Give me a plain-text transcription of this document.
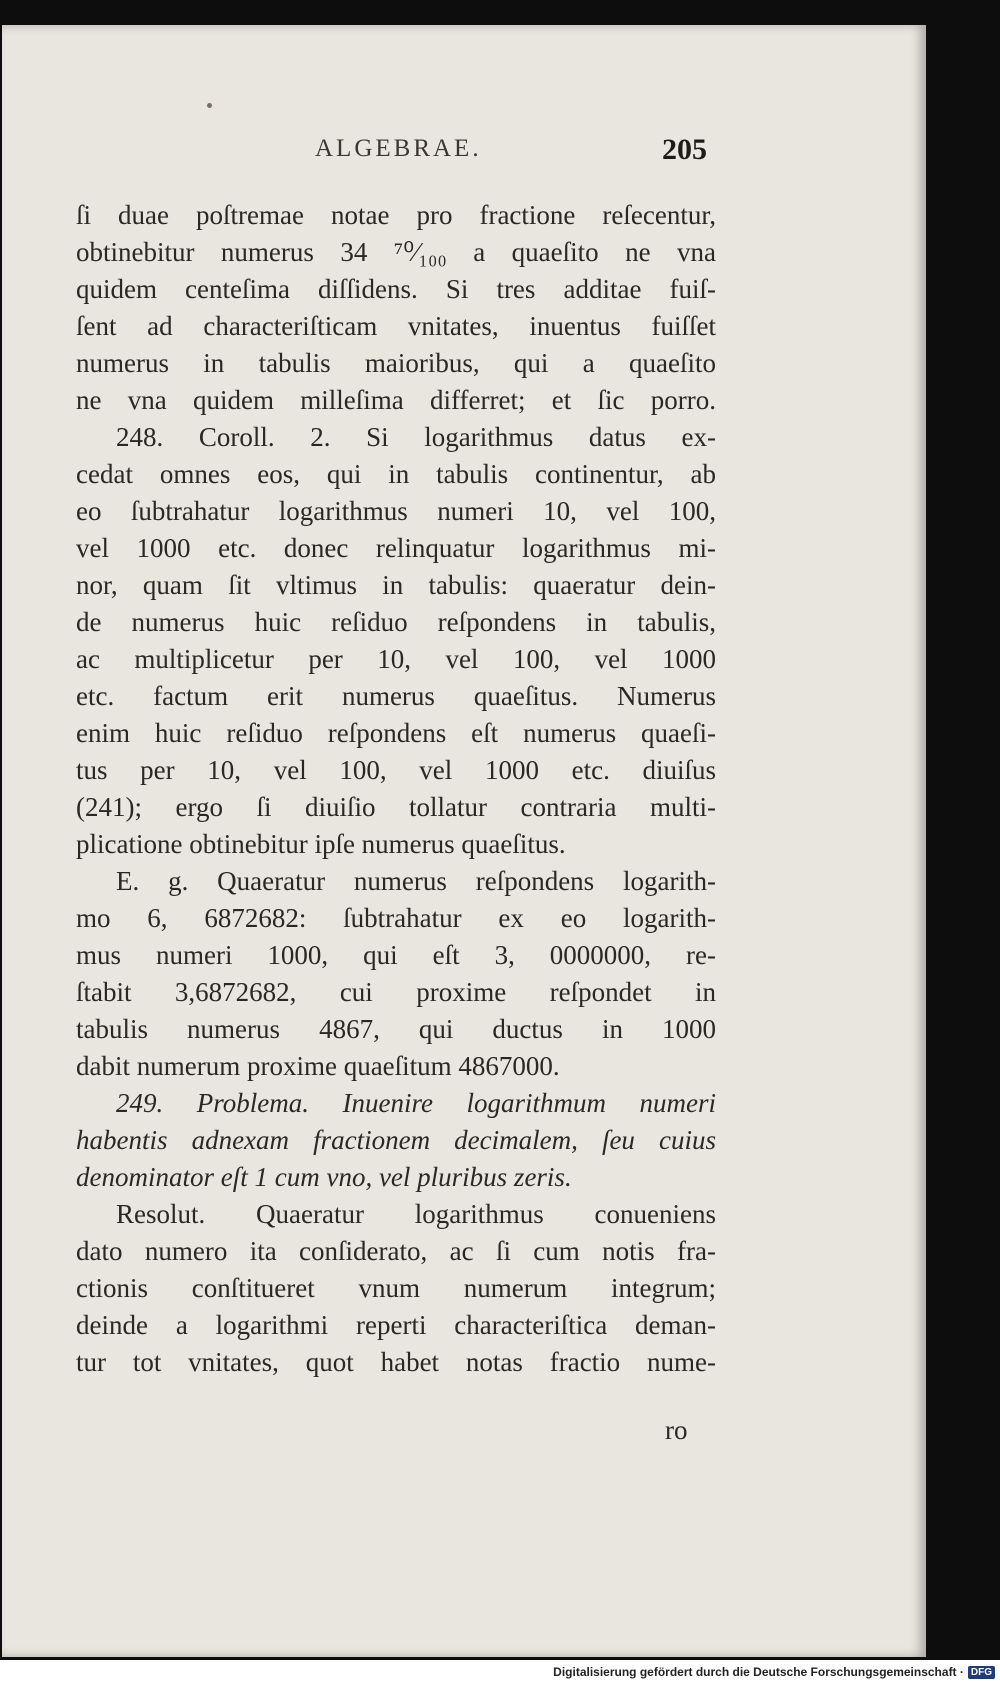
ALGEBRAE.	205
ſi duae poſtremae notae pro fractione reſecentur,
obtinebitur numerus 34 ⁷⁰⁄₁₀₀ a quaeſito ne vna
quidem centeſima diſſidens. Si tres additae fuiſ-
ſent ad characteriſticam vnitates, inuentus fuiſſet
numerus in tabulis maioribus, qui a quaeſito
ne vna quidem milleſima differret; et ſic porro.
248. Coroll. 2. Si logarithmus datus ex-
cedat omnes eos, qui in tabulis continentur, ab
eo ſubtrahatur logarithmus numeri 10, vel 100,
vel 1000 etc. donec relinquatur logarithmus mi-
nor, quam ſit vltimus in tabulis: quaeratur dein-
de numerus huic reſiduo reſpondens in tabulis,
ac multiplicetur per 10, vel 100, vel 1000
etc. factum erit numerus quaeſitus. Numerus
enim huic reſiduo reſpondens eſt numerus quaeſi-
tus per 10, vel 100, vel 1000 etc. diuiſus
(241); ergo ſi diuiſio tollatur contraria multi-
plicatione obtinebitur ipſe numerus quaeſitus.
E. g. Quaeratur numerus reſpondens logarith-
mo 6, 6872682: ſubtrahatur ex eo logarith-
mus numeri 1000, qui eſt 3, 0000000, re-
ſtabit 3,6872682, cui proxime reſpondet in
tabulis numerus 4867, qui ductus in 1000
dabit numerum proxime quaeſitum 4867000.
249. Problema. Inuenire logarithmum numeri
habentis adnexam fractionem decimalem, ſeu cuius
denominator eſt 1 cum vno, vel pluribus zeris.
Resolut. Quaeratur logarithmus conueniens
dato numero ita conſiderato, ac ſi cum notis fra-
ctionis conſtitueret vnum numerum integrum;
deinde a logarithmi reperti characteriſtica deman-
tur tot vnitates, quot habet notas fractio nume-
ro
Digitalisierung gefördert durch die Deutsche Forschungsgemeinschaft · DFG
